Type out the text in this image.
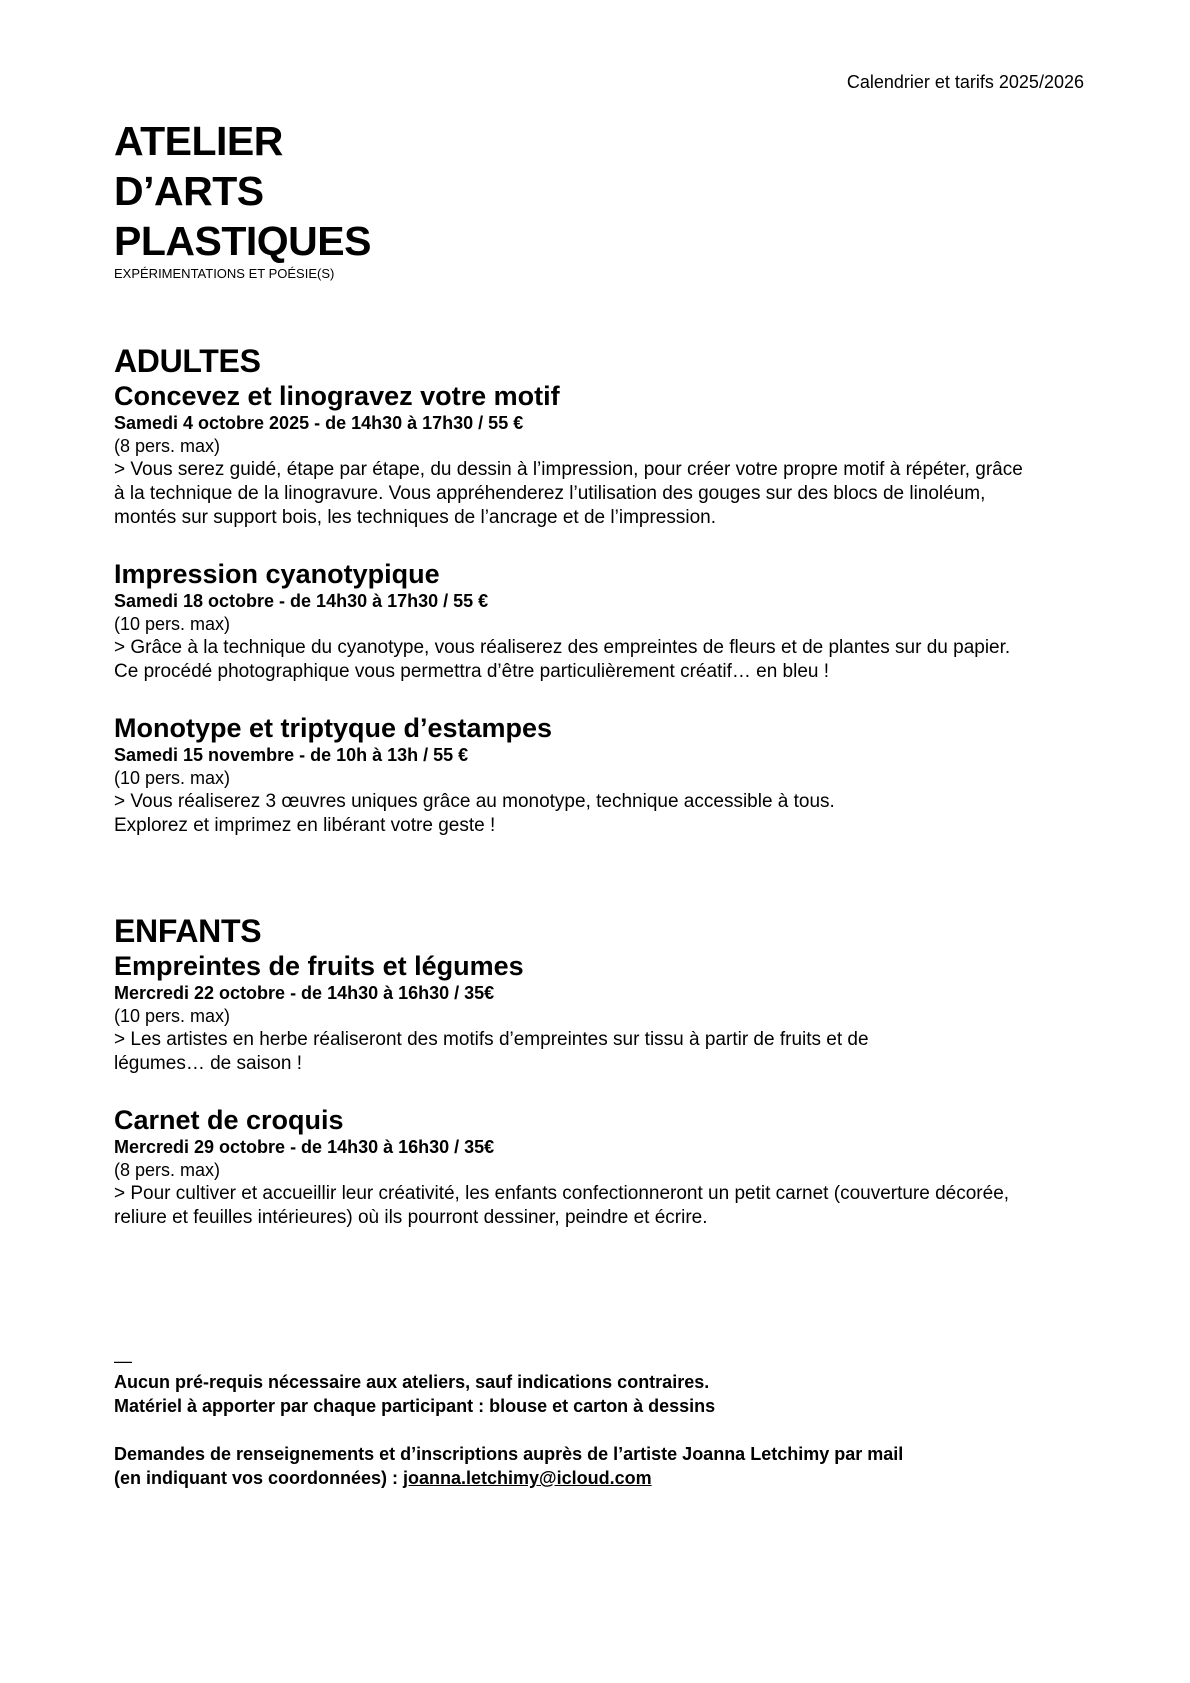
Calendrier et tarifs 2025/2026
ATELIER
D’ARTS
PLASTIQUES
EXPÉRIMENTATIONS ET POÉSIE(S)
ADULTES
Concevez et linogravez votre motif
Samedi 4 octobre 2025 - de 14h30 à 17h30 / 55 €
(8 pers. max)
> Vous serez guidé, étape par étape, du dessin à l’impression, pour créer votre propre motif à répéter, grâce
à la technique de la linogravure. Vous appréhenderez l’utilisation des gouges sur des blocs de linoléum,
montés sur support bois, les techniques de l’ancrage et de l’impression.
Impression cyanotypique
Samedi 18 octobre - de 14h30 à 17h30 / 55 €
(10 pers. max)
> Grâce à la technique du cyanotype, vous réaliserez des empreintes de fleurs et de plantes sur du papier.
Ce procédé photographique vous permettra d’être particulièrement créatif… en bleu !
Monotype et triptyque d’estampes
Samedi 15 novembre - de 10h à 13h / 55 €
(10 pers. max)
> Vous réaliserez 3 œuvres uniques grâce au monotype, technique accessible à tous.
Explorez et imprimez en libérant votre geste !
ENFANTS
Empreintes de fruits et légumes
Mercredi 22 octobre - de 14h30 à 16h30 / 35€
(10 pers. max)
> Les artistes en herbe réaliseront des motifs d’empreintes sur tissu à partir de fruits et de
légumes… de saison !
Carnet de croquis
Mercredi 29 octobre - de 14h30 à 16h30 / 35€
(8 pers. max)
> Pour cultiver et accueillir leur créativité, les enfants confectionneront un petit carnet (couverture décorée,
reliure et feuilles intérieures) où ils pourront dessiner, peindre et écrire.
—
Aucun pré-requis nécessaire aux ateliers, sauf indications contraires.
Matériel à apporter par chaque participant : blouse et carton à dessins
Demandes de renseignements et d’inscriptions auprès de l’artiste Joanna Letchimy par mail
(en indiquant vos coordonnées) : joanna.letchimy@icloud.com
